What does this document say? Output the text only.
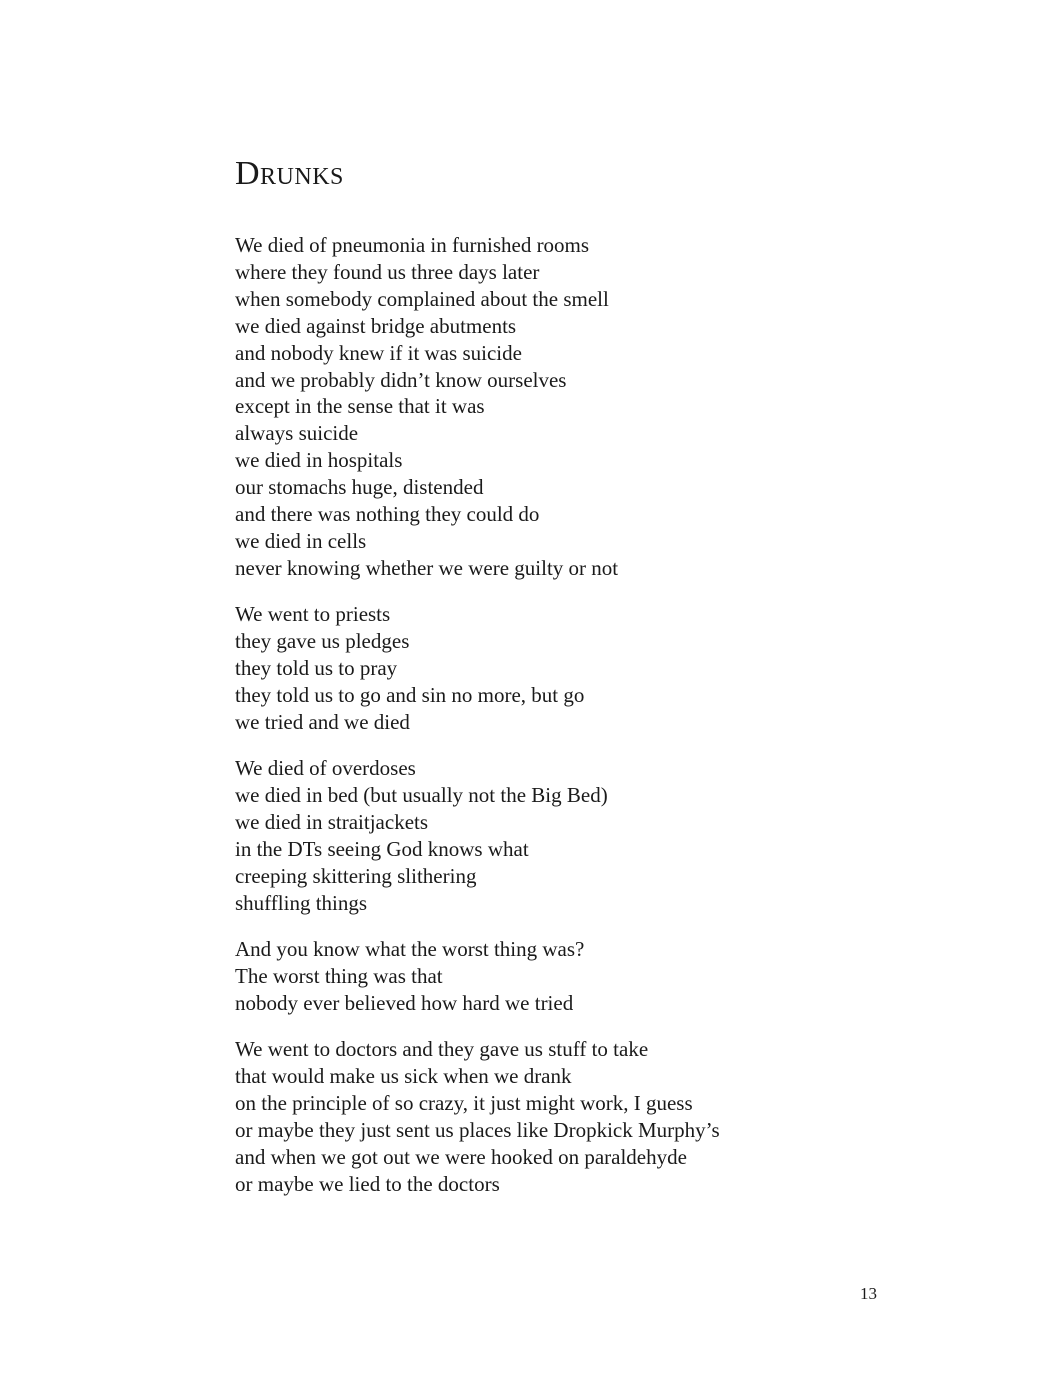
Drunks
We died of pneumonia in furnished rooms
where they found us three days later
when somebody complained about the smell
we died against bridge abutments
and nobody knew if it was suicide
and we probably didn’t know ourselves
except in the sense that it was
always suicide
we died in hospitals
our stomachs huge, distended
and there was nothing they could do
we died in cells
never knowing whether we were guilty or not
We went to priests
they gave us pledges
they told us to pray
they told us to go and sin no more, but go
we tried and we died
We died of overdoses
we died in bed (but usually not the Big Bed)
we died in straitjackets
in the DTs seeing God knows what
creeping skittering slithering
shuffling things
And you know what the worst thing was?
The worst thing was that
nobody ever believed how hard we tried
We went to doctors and they gave us stuff to take
that would make us sick when we drank
on the principle of so crazy, it just might work, I guess
or maybe they just sent us places like Dropkick Murphy’s
and when we got out we were hooked on paraldehyde
or maybe we lied to the doctors
13
